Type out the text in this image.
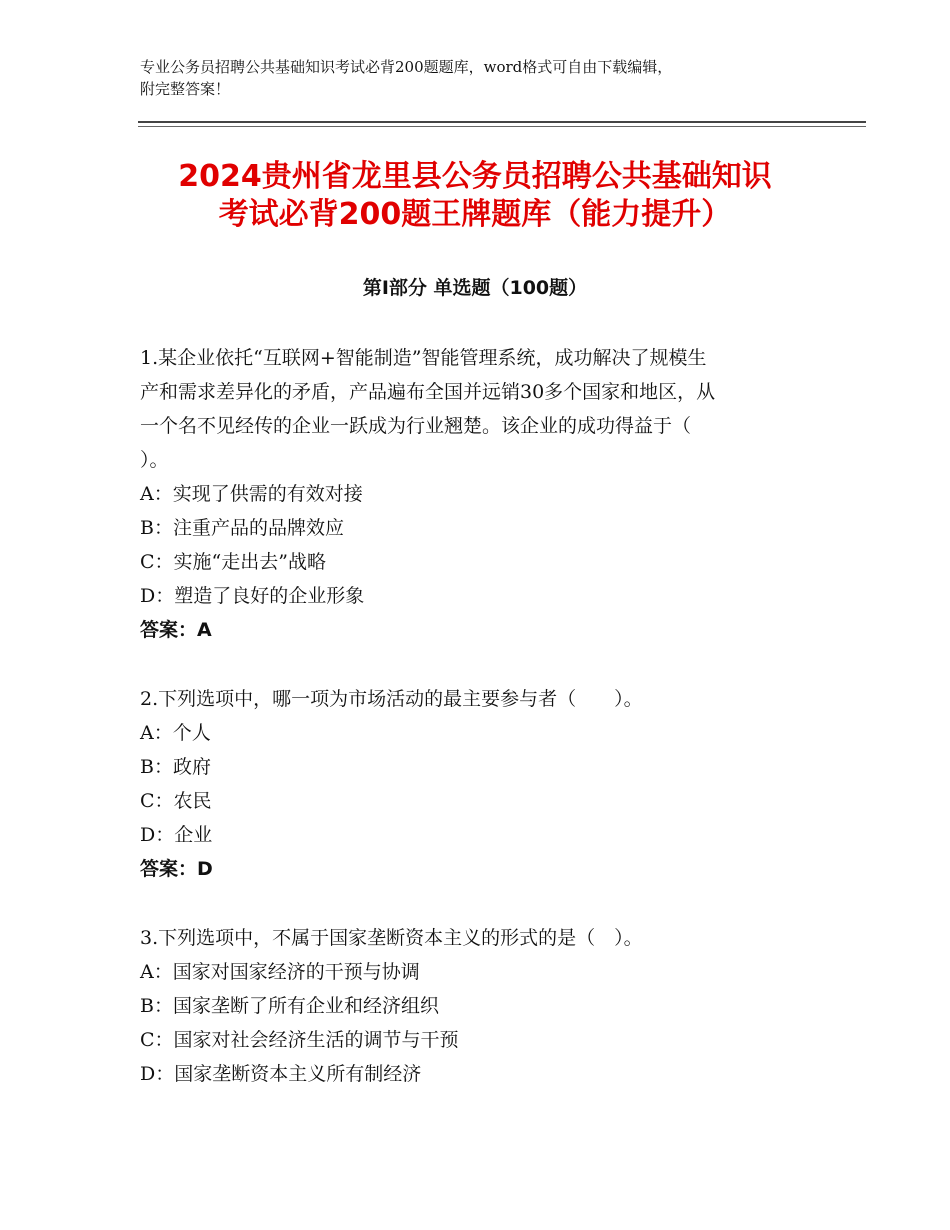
专业公务员招聘公共基础知识考试必背200题题库，word格式可自由下载编辑，
附完整答案！
2024贵州省龙里县公务员招聘公共基础知识
考试必背200题王牌题库（能力提升）
第Ⅰ部分 单选题（100题）
1.某企业依托“互联网+智能制造”智能管理系统，成功解决了规模生
产和需求差异化的矛盾，产品遍布全国并远销30多个国家和地区，从
一个名不见经传的企业一跃成为行业翘楚。该企业的成功得益于（
）。
A：实现了供需的有效对接
B：注重产品的品牌效应
C：实施“走出去”战略
D：塑造了良好的企业形象
答案：A
2.下列选项中，哪一项为市场活动的最主要参与者（　　）。
A：个人
B：政府
C：农民
D：企业
答案：D
3.下列选项中，不属于国家垄断资本主义的形式的是（　）。
A：国家对国家经济的干预与协调
B：国家垄断了所有企业和经济组织
C：国家对社会经济生活的调节与干预
D：国家垄断资本主义所有制经济
